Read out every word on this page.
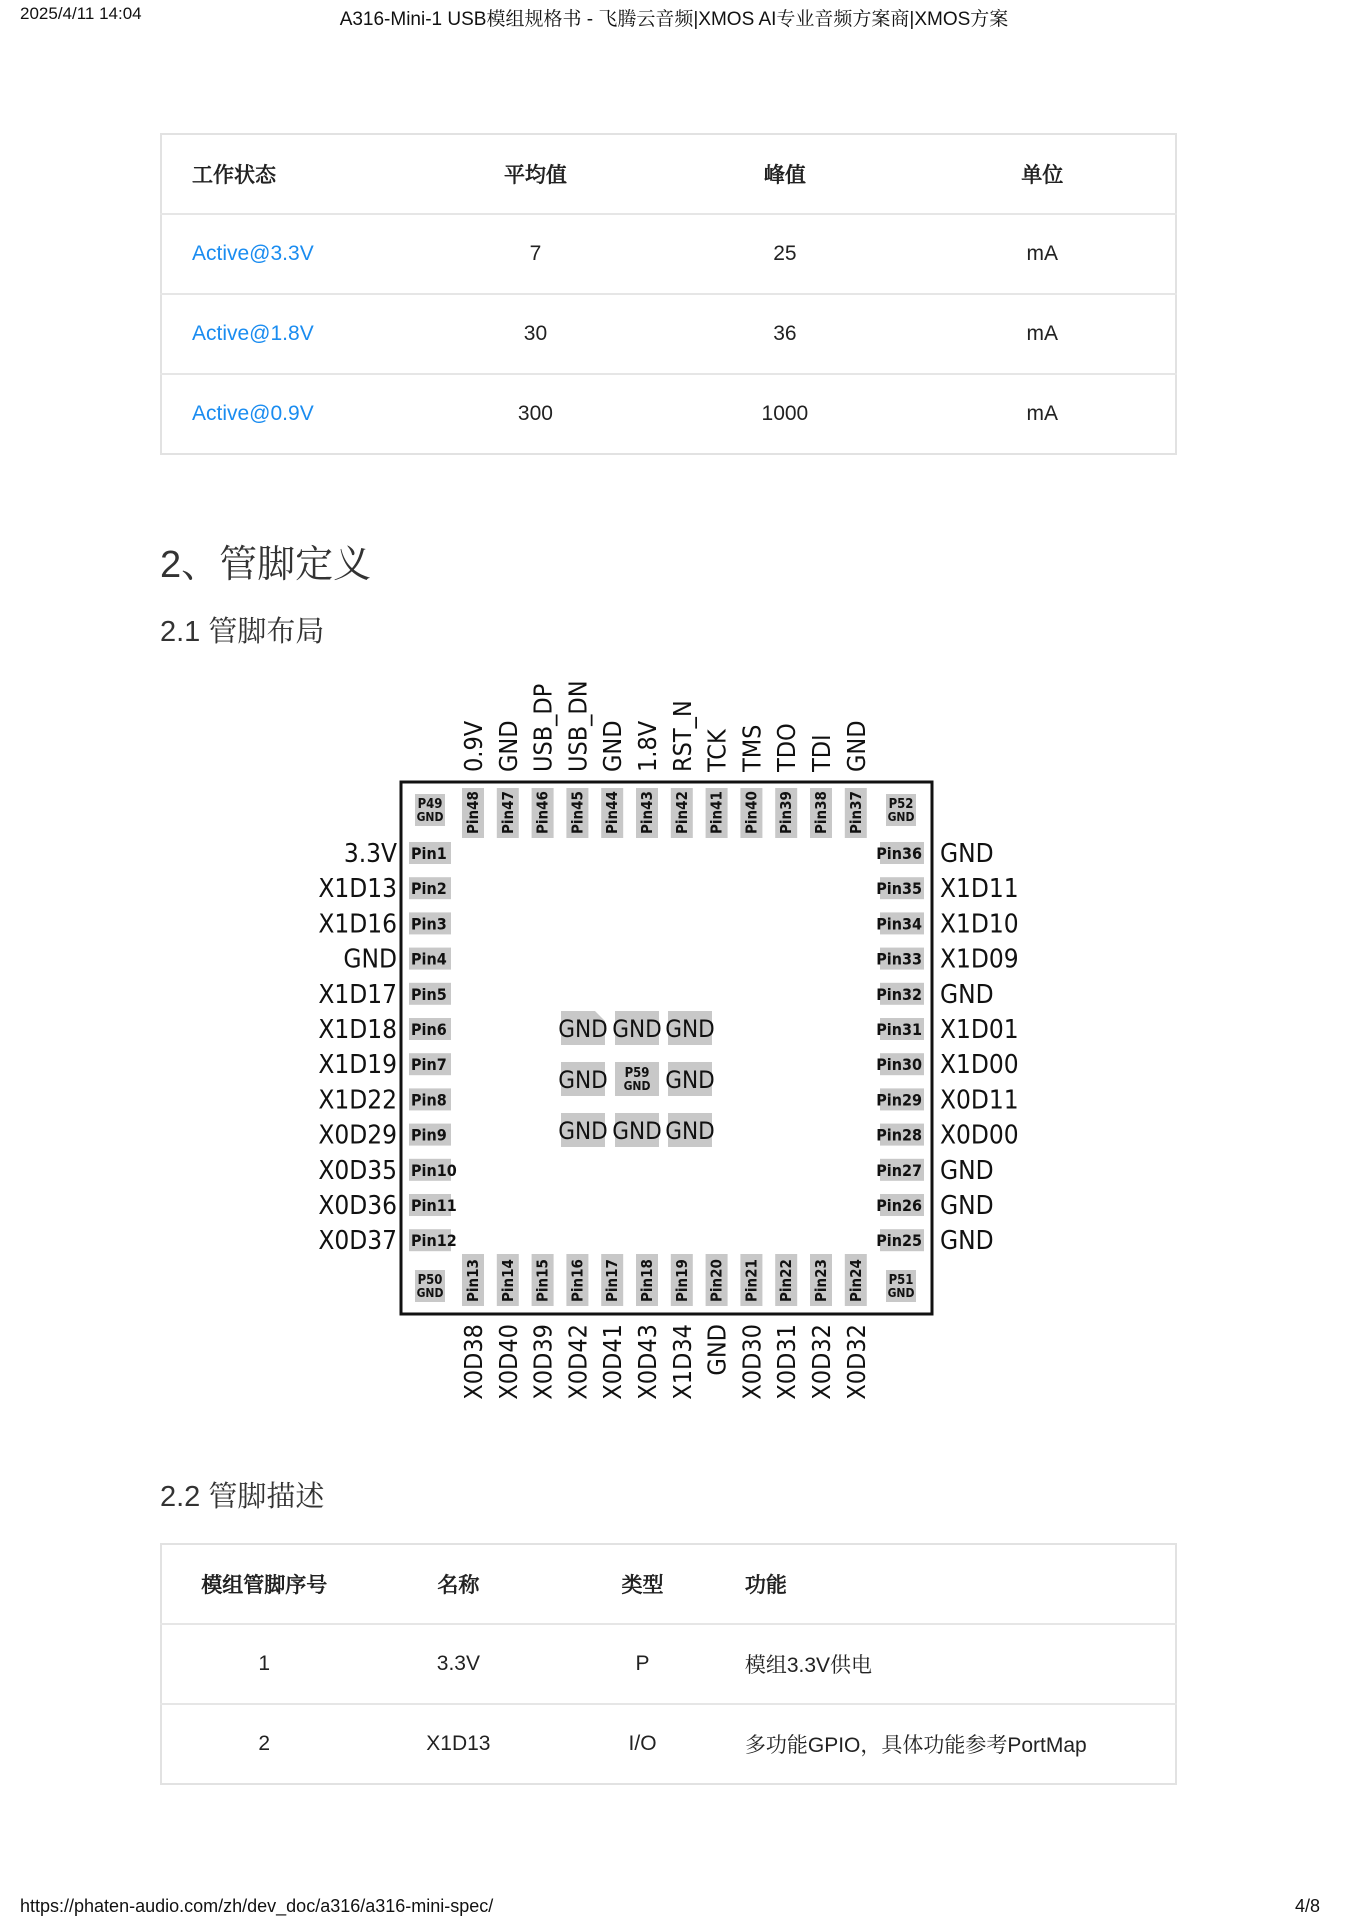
2025/4/11 14:04	A316-Mini-1 USB模组规格书 - 飞腾云音频|XMOS AI专业音频方案商|XMOS方案
工作状态	平均值	峰值	单位
Active@3.3V	7	25	mA
Active@1.8V	30	36	mA
Active@0.9V	300	1000	mA
2、管脚定义
2.1 管脚布局
Pin48
0.9V
Pin47
GND
Pin46
USB_DP
Pin45
USB_DN
Pin44
GND
Pin43
1.8V
Pin42
RST_N
Pin41
TCK
Pin40
TMS
Pin39
TDO
Pin38
TDI
Pin37
GND
Pin13
X0D38
Pin14
X0D40
Pin15
X0D39
Pin16
X0D42
Pin17
X0D41
Pin18
X0D43
Pin19
X1D34
Pin20
GND
Pin21
X0D30
Pin22
X0D31
Pin23
X0D32
Pin24
X0D32
Pin1
3.3V
Pin2
X1D13
Pin3
X1D16
Pin4
GND
Pin5
X1D17
Pin6
X1D18
Pin7
X1D19
Pin8
X1D22
Pin9
X0D29
Pin10
X0D35
Pin11
X0D36
Pin12
X0D37
Pin36 GND
Pin35 X1D11
Pin34 X1D10
Pin33 X1D09
Pin32 GND
Pin31 X1D01
Pin30 X1D00
Pin29 X0D11
Pin28 X0D00
Pin27 GND
Pin26 GND
Pin25 GND
P49
GND
P52
GND
P50
GND
P51
GND
GND GND GND
GND P59
GND GND
GND GND GND
2.2 管脚描述
模组管脚序号	名称	类型	功能
1	3.3V	P	模组3.3V供电
2	X1D13	I/O	多功能GPIO，具体功能参考PortMap
https://phaten-audio.com/zh/dev_doc/a316/a316-mini-spec/	4/8
